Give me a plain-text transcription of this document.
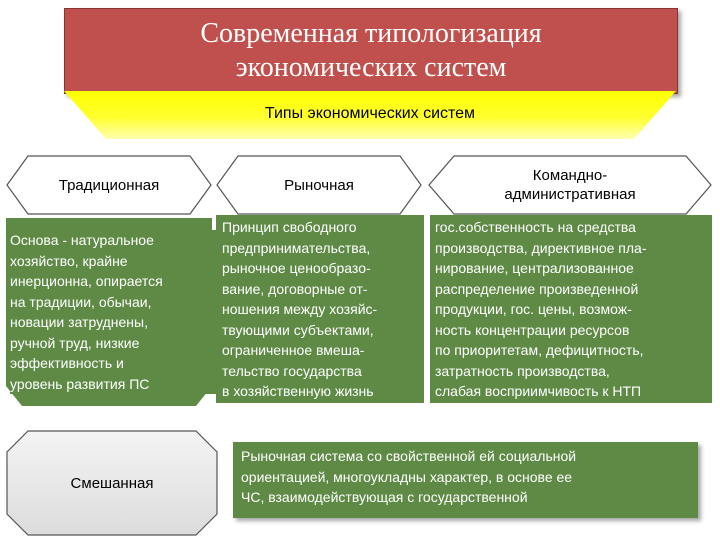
Современная типологизация
экономических систем
Типы экономических систем
Традиционная	Рыночная
Командно-
административная
Основа - натуральное
хозяйство, крайне
инерционна, опирается
на традиции, обычаи,
новации затруднены,
ручной труд, низкие
эффективность и
уровень развития ПС
Принцип свободного
предпринимательства,
рыночное ценообразо-
вание, договорные от-
ношения между хозяйс-
твующими субъектами,
ограниченное вмеша-
тельство государства
в хозяйственную жизнь
гос.собственность на средства
производства, директивное пла-
нирование, централизованное
распределение произведенной
продукции, гос. цены, возмож-
ность концентрации ресурсов
по приоритетам, дефицитность,
затратность производства,
слабая восприимчивость к НТП
Смешанная
Рыночная система со свойственной ей социальной
ориентацией, многоукладны характер, в основе ее
ЧС, взаимодействующая с государственной
